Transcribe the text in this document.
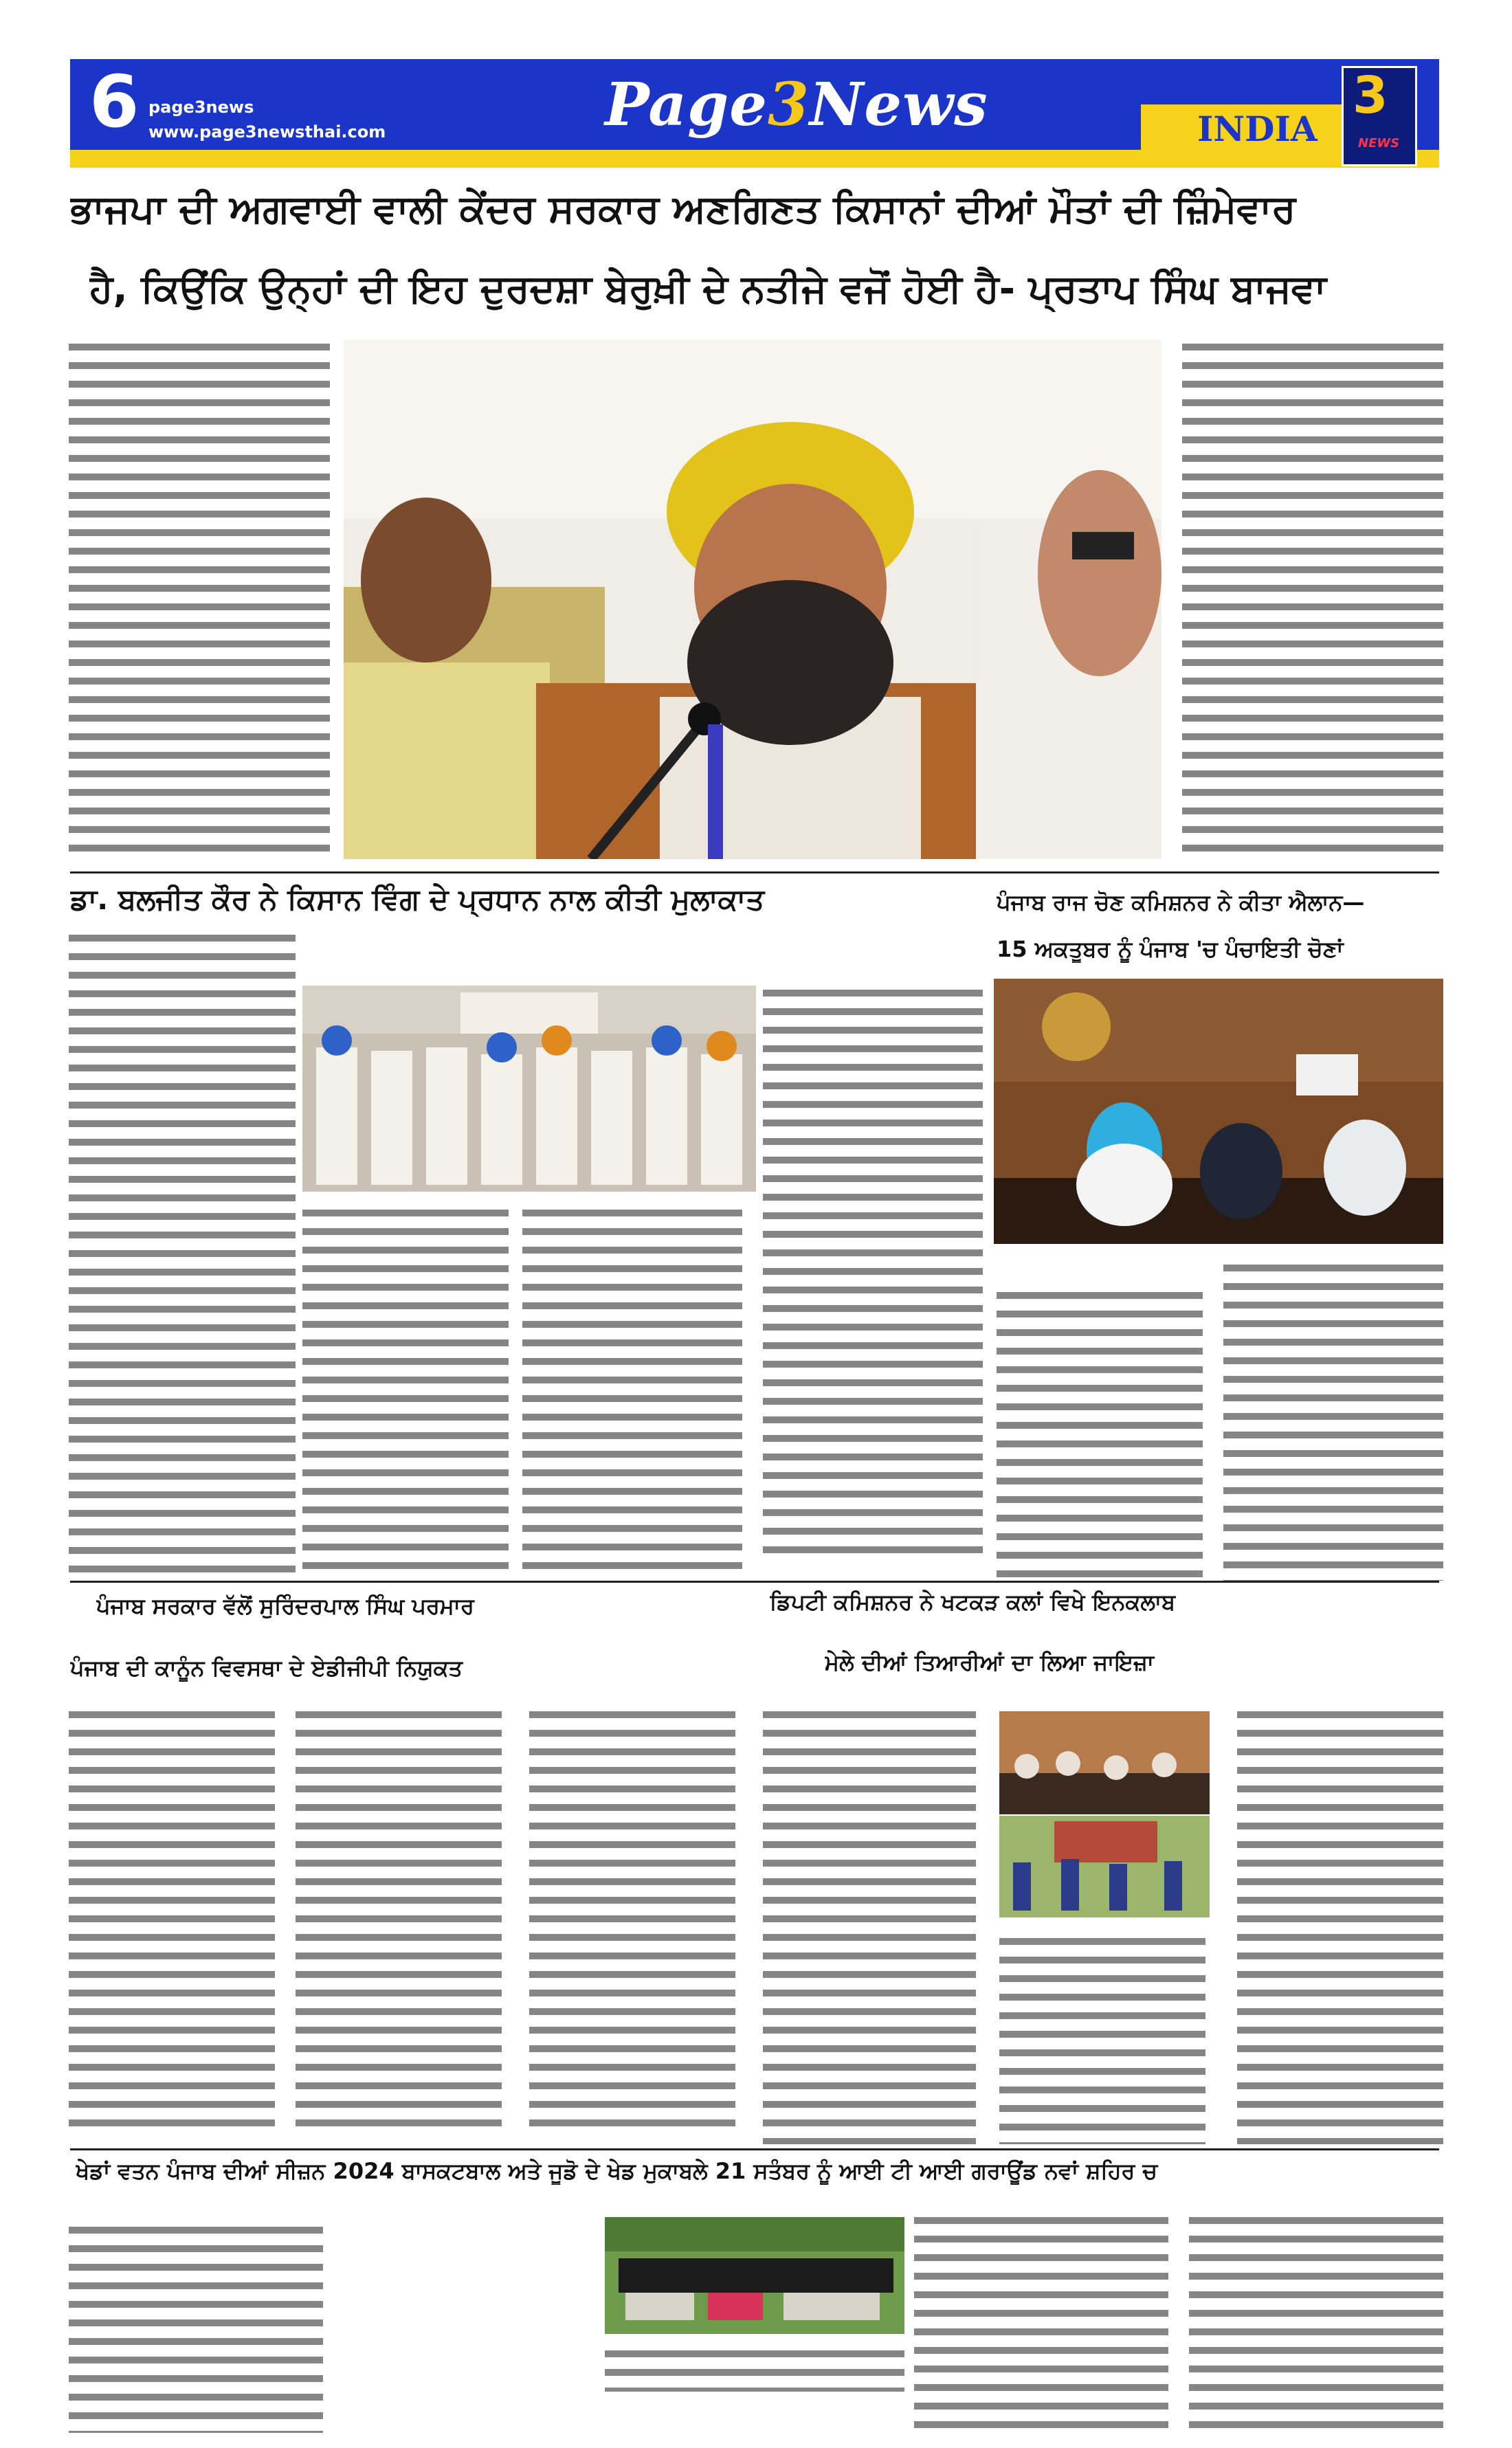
6 page3news
www.page3newsthai.com	Page3News	INDIA
3
NEWS
ਭਾਜਪਾ ਦੀ ਅਗਵਾਈ ਵਾਲੀ ਕੇਂਦਰ ਸਰਕਾਰ ਅਣਗਿਣਤ ਕਿਸਾਨਾਂ ਦੀਆਂ ਮੌਤਾਂ ਦੀ ਜ਼ਿੰਮੇਵਾਰ
ਹੈ, ਕਿਉਂਕਿ ਉਨ੍ਹਾਂ ਦੀ ਇਹ ਦੁਰਦਸ਼ਾ ਬੇਰੁਖ਼ੀ ਦੇ ਨਤੀਜੇ ਵਜੋਂ ਹੋਈ ਹੈ- ਪ੍ਰਤਾਪ ਸਿੰਘ ਬਾਜਵਾ
ਡਾ. ਬਲਜੀਤ ਕੌਰ ਨੇ ਕਿਸਾਨ ਵਿੰਗ ਦੇ ਪ੍ਰਧਾਨ ਨਾਲ ਕੀਤੀ ਮੁਲਾਕਾਤ	ਪੰਜਾਬ ਰਾਜ ਚੋਣ ਕਮਿਸ਼ਨਰ ਨੇ ਕੀਤਾ ਐਲਾਨ—
15 ਅਕਤੂਬਰ ਨੂੰ ਪੰਜਾਬ 'ਚ ਪੰਚਾਇਤੀ ਚੋਣਾਂ
ਪੰਜਾਬ ਸਰਕਾਰ ਵੱਲੋਂ ਸੁਰਿੰਦਰਪਾਲ ਸਿੰਘ ਪਰਮਾਰ
ਪੰਜਾਬ ਦੀ ਕਾਨੂੰਨ ਵਿਵਸਥਾ ਦੇ ਏਡੀਜੀਪੀ ਨਿਯੁਕਤ
ਡਿਪਟੀ ਕਮਿਸ਼ਨਰ ਨੇ ਖਟਕੜ ਕਲਾਂ ਵਿਖੇ ਇਨਕਲਾਬ
ਮੇਲੇ ਦੀਆਂ ਤਿਆਰੀਆਂ ਦਾ ਲਿਆ ਜਾਇਜ਼ਾ
ਖੇਡਾਂ ਵਤਨ ਪੰਜਾਬ ਦੀਆਂ ਸੀਜ਼ਨ 2024 ਬਾਸਕਟਬਾਲ ਅਤੇ ਜੂਡੋ ਦੇ ਖੇਡ ਮੁਕਾਬਲੇ 21 ਸਤੰਬਰ ਨੂੰ ਆਈ ਟੀ ਆਈ ਗਰਾਊਂਡ ਨਵਾਂ ਸ਼ਹਿਰ ਚ
